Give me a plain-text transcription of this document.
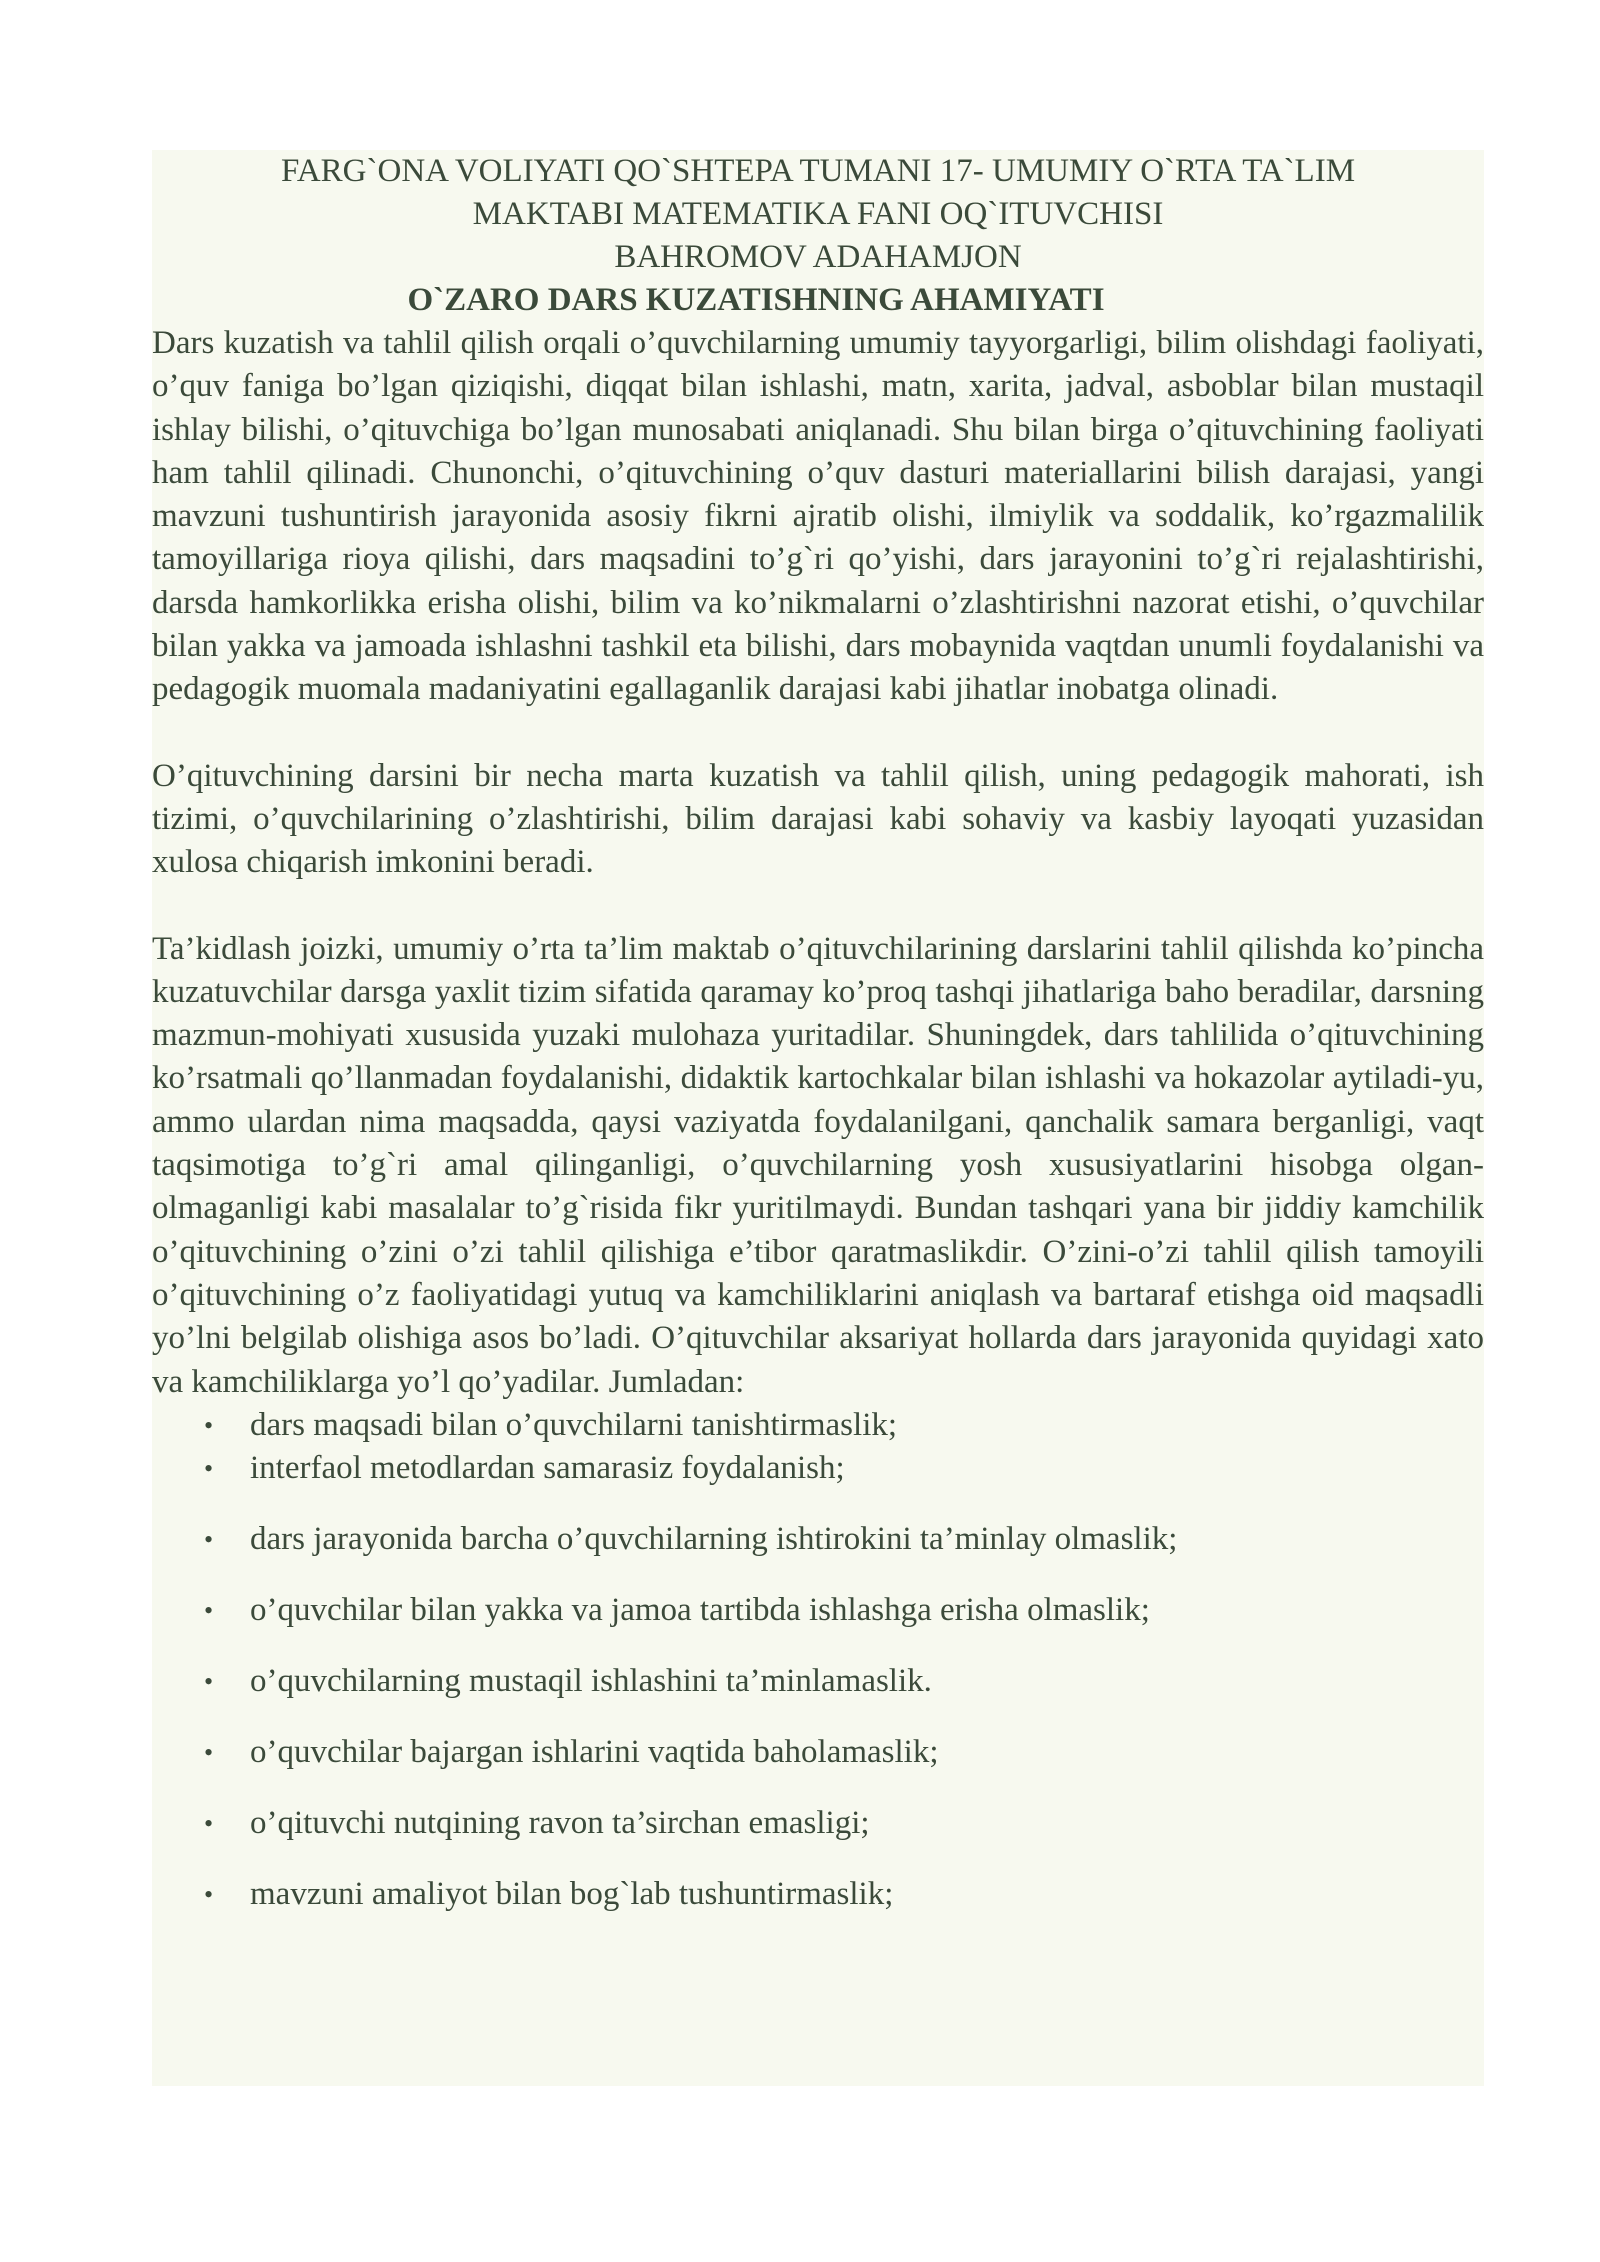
FARG`ONA VOLIYATI QO`SHTEPA TUMANI 17- UMUMIY O`RTA TA`LIM
MAKTABI MATEMATIKA FANI OQ`ITUVCHISI
BAHROMOV ADAHAMJON
O`ZARO DARS KUZATISHNING AHAMIYATI

Dars kuzatish va tahlil qilish orqali o’quvchilarning umumiy tayyorgarligi, bilim olishdagi faoliyati, o’quv faniga bo’lgan qiziqishi, diqqat bilan ishlashi, matn, xarita, jadval, asboblar bilan mustaqil ishlay bilishi, o’qituvchiga bo’lgan munosabati aniqlanadi. Shu bilan birga o’qituvchining faoliyati ham tahlil qilinadi. Chunonchi, o’qituvchining o’quv dasturi materiallarini bilish darajasi, yangi mavzuni tushuntirish jarayonida asosiy fikrni ajratib olishi, ilmiylik va soddalik, ko’rgazmalilik tamoyillariga rioya qilishi, dars maqsadini to’g`ri qo’yishi, dars jarayonini to’g`ri rejalashtirishi, darsda hamkorlikka erisha olishi, bilim va ko’nikmalarni o’zlashtirishni nazorat etishi, o’quvchilar bilan yakka va jamoada ishlashni tashkil eta bilishi, dars mobaynida vaqtdan unumli foydalanishi va pedagogik muomala madaniyatini egallaganlik darajasi kabi jihatlar inobatga olinadi.

O’qituvchining darsini bir necha marta kuzatish va tahlil qilish, uning pedagogik mahorati, ish tizimi, o’quvchilarining o’zlashtirishi, bilim darajasi kabi sohaviy va kasbiy layoqati yuzasidan xulosa chiqarish imkonini beradi.

Ta’kidlash joizki, umumiy o’rta ta’lim maktab o’qituvchilarining darslarini tahlil qilishda ko’pincha kuzatuvchilar darsga yaxlit tizim sifatida qaramay ko’proq tashqi jihatlariga baho beradilar, darsning mazmun-mohiyati xususida yuzaki mulohaza yuritadilar. Shuningdek, dars tahlilida o’qituvchining ko’rsatmali qo’llanmadan foydalanishi, didaktik kartochkalar bilan ishlashi va hokazolar aytiladi-yu, ammo ulardan nima maqsadda, qaysi vaziyatda foydalanilgani, qanchalik samara berganligi, vaqt taqsimotiga to’g`ri amal qilinganligi, o’quvchilarning yosh xususiyatlarini hisobga olgan-olmaganligi kabi masalalar to’g`risida fikr yuritilmaydi. Bundan tashqari yana bir jiddiy kamchilik o’qituvchining o’zini o’zi tahlil qilishiga e’tibor qaratmaslikdir. O’zini-o’zi tahlil qilish tamoyili o’qituvchining o’z faoliyatidagi yutuq va kamchiliklarini aniqlash va bartaraf etishga oid maqsadli yo’lni belgilab olishiga asos bo’ladi. O’qituvchilar aksariyat hollarda dars jarayonida quyidagi xato va kamchiliklarga yo’l qo’yadilar. Jumladan:

• dars maqsadi bilan o’quvchilarni tanishtirmaslik;
• interfaol metodlardan samarasiz foydalanish;
• dars jarayonida barcha o’quvchilarning ishtirokini ta’minlay olmaslik;
• o’quvchilar bilan yakka va jamoa tartibda ishlashga erisha olmaslik;
• o’quvchilarning mustaqil ishlashini ta’minlamaslik.
• o’quvchilar bajargan ishlarini vaqtida baholamaslik;
• o’qituvchi nutqining ravon ta’sirchan emasligi;
• mavzuni amaliyot bilan bog`lab tushuntirmaslik;
